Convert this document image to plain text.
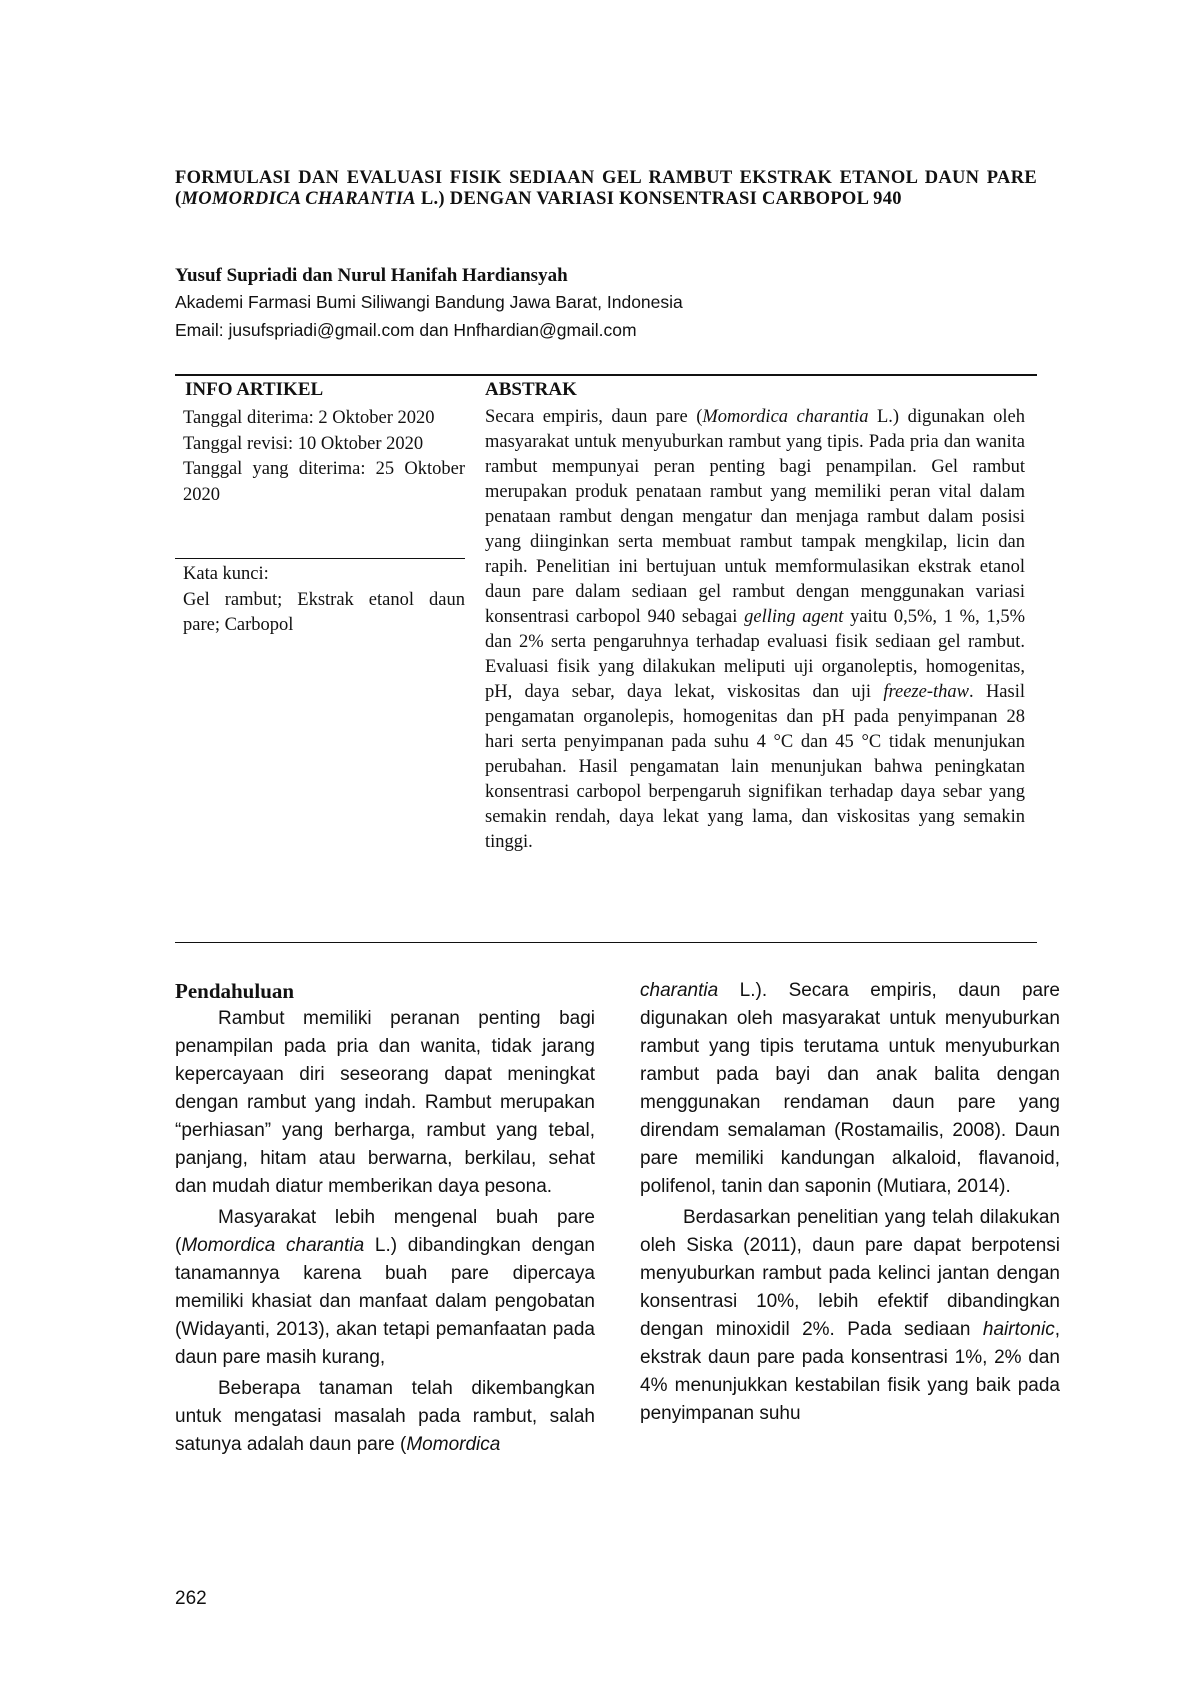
FORMULASI DAN EVALUASI FISIK SEDIAAN GEL RAMBUT EKSTRAK ETANOL DAUN PARE (MOMORDICA CHARANTIA L.) DENGAN VARIASI KONSENTRASI CARBOPOL 940
Yusuf Supriadi dan Nurul Hanifah Hardiansyah
Akademi Farmasi Bumi Siliwangi Bandung Jawa Barat, Indonesia
Email: jusufspriadi@gmail.com dan Hnfhardian@gmail.com
INFO ARTIKEL	ABSTRAK

Tanggal diterima: 2 Oktober 2020

Tanggal revisi: 10 Oktober 2020

Tanggal yang diterima: 25 Oktober 2020

Kata kunci:

Gel rambut; Ekstrak etanol daun pare; Carbopol

Secara empiris, daun pare (Momordica charantia L.) digunakan oleh masyarakat untuk menyuburkan rambut yang tipis. Pada pria dan wanita rambut mempunyai peran penting bagi penampilan. Gel rambut merupakan produk penataan rambut yang memiliki peran vital dalam penataan rambut dengan mengatur dan menjaga rambut dalam posisi yang diinginkan serta membuat rambut tampak mengkilap, licin dan rapih. Penelitian ini bertujuan untuk memformulasikan ekstrak etanol daun pare dalam sediaan gel rambut dengan menggunakan variasi konsentrasi carbopol 940 sebagai gelling agent yaitu 0,5%, 1 %, 1,5% dan 2% serta pengaruhnya terhadap evaluasi fisik sediaan gel rambut. Evaluasi fisik yang dilakukan meliputi uji organoleptis, homogenitas, pH, daya sebar, daya lekat, viskositas dan uji freeze-thaw. Hasil pengamatan organolepis, homogenitas dan pH pada penyimpanan 28 hari serta penyimpanan pada suhu 4 °C dan 45 °C tidak menunjukan perubahan. Hasil pengamatan lain menunjukan bahwa peningkatan konsentrasi carbopol berpengaruh signifikan terhadap daya sebar yang semakin rendah, daya lekat yang lama, dan viskositas yang semakin tinggi.

Pendahuluan

Rambut memiliki peranan penting bagi penampilan pada pria dan wanita, tidak jarang kepercayaan diri seseorang dapat meningkat dengan rambut yang indah. Rambut merupakan “perhiasan” yang berharga, rambut yang tebal, panjang, hitam atau berwarna, berkilau, sehat dan mudah diatur memberikan daya pesona.

Masyarakat lebih mengenal buah pare (Momordica charantia L.) dibandingkan dengan tanamannya karena buah pare dipercaya memiliki khasiat dan manfaat dalam pengobatan (Widayanti, 2013), akan tetapi pemanfaatan pada daun pare masih kurang,

Beberapa tanaman telah dikembangkan untuk mengatasi masalah pada rambut, salah satunya adalah daun pare (Momordica

charantia L.). Secara empiris, daun pare digunakan oleh masyarakat untuk menyuburkan rambut yang tipis terutama untuk menyuburkan rambut pada bayi dan anak balita dengan menggunakan rendaman daun pare yang direndam semalaman (Rostamailis, 2008). Daun pare memiliki kandungan alkaloid, flavanoid, polifenol, tanin dan saponin (Mutiara, 2014).

Berdasarkan penelitian yang telah dilakukan oleh Siska (2011), daun pare dapat berpotensi menyuburkan rambut pada kelinci jantan dengan konsentrasi 10%, lebih efektif dibandingkan dengan minoxidil 2%. Pada sediaan hairtonic, ekstrak daun pare pada konsentrasi 1%, 2% dan 4% menunjukkan kestabilan fisik yang baik pada penyimpanan suhu

262
